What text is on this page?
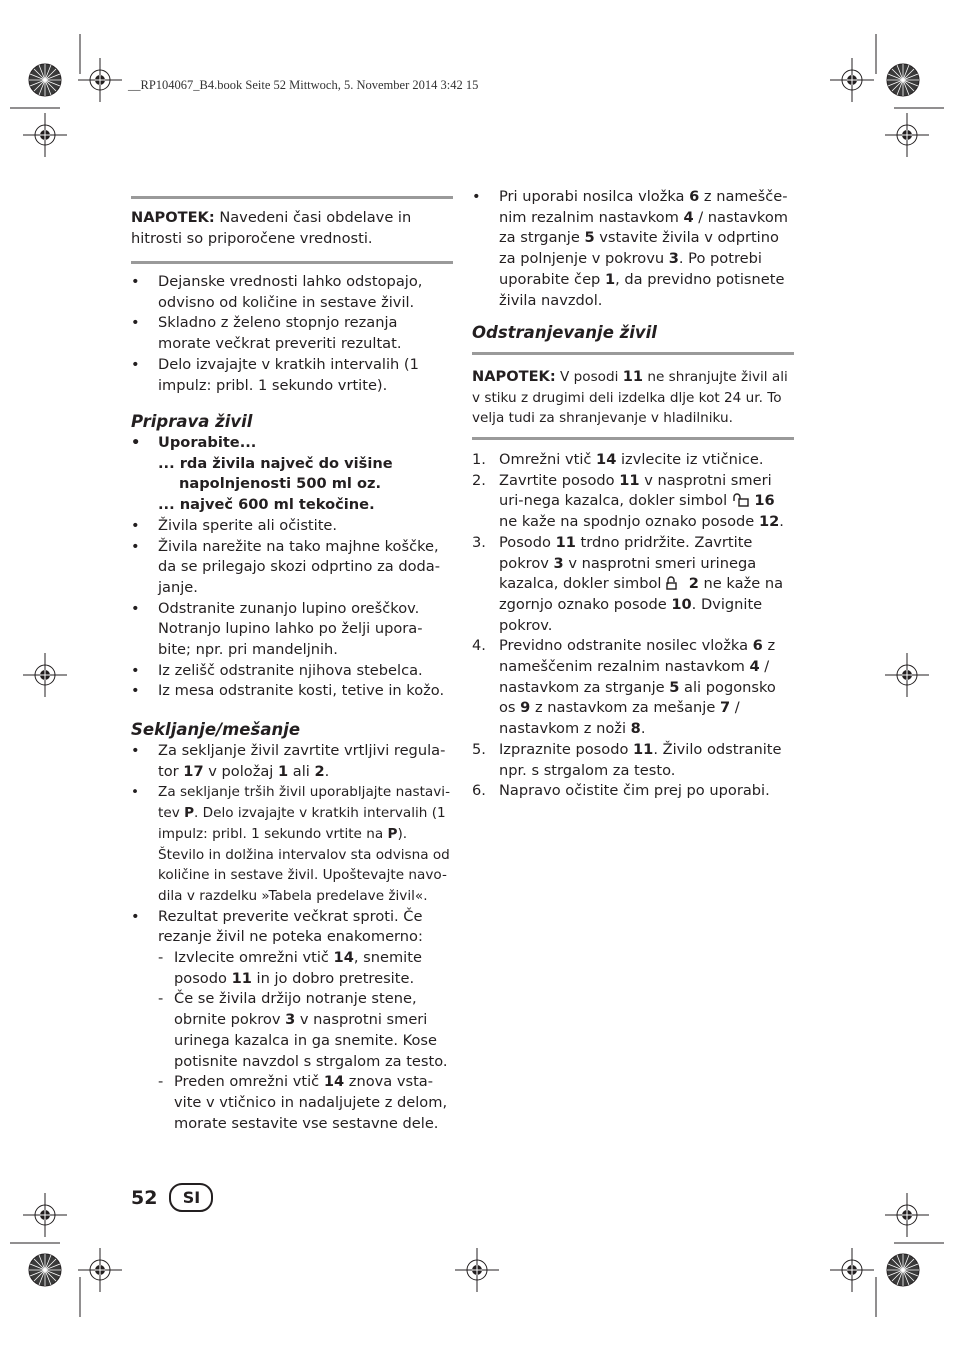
__RP104067_B4.book Seite 52 Mittwoch, 5. November 2014 3:42 15

NAPOTEK: Navedeni časi obdelave in hitrosti so priporočene vrednosti.

• Dejanske vrednosti lahko odstopajo, odvisno od količine in sestave živil.
• Skladno z želeno stopnjo rezanja morate večkrat preveriti rezultat.
• Delo izvajajte v kratkih intervalih (1 impulz: pribl. 1 sekundo vrtite).
Priprava živil
• Uporabite...
... rda živila največ do višine

napolnjenosti 500 ml oz.
... največ 600 ml tekočine.
• Živila sperite ali očistite.
• Živila narežite na tako majhne koščke, da se prilegajo skozi odprtino za doda-janje.
• Odstranite zunanjo lupino oreščkov. Notranjo lupino lahko po želji upora-bite; npr. pri mandeljnih.
• Iz zelišč odstranite njihova stebelca.
• Iz mesa odstranite kosti, tetive in kožo.
Sekljanje/mešanje
• Za sekljanje živil zavrtite vrtljivi regula-tor 17 v položaj 1 ali 2.
• Za sekljanje trših živil uporabljajte nastavi-tev P. Delo izvajajte v kratkih intervalih (1 impulz: pribl. 1 sekundo vrtite na P). Število in dolžina intervalov sta odvisna od količine in sestave živil. Upoštevajte navo-dila v razdelku »Tabela predelave živil«.
• Rezultat preverite večkrat sproti. Če rezanje živil ne poteka enakomerno:
- Izvlecite omrežni vtič 14, snemite posodo 11 in jo dobro pretresite.
- Če se živila držijo notranje stene, obrnite pokrov 3 v nasprotni smeri urinega kazalca in ga snemite. Kose potisnite navzdol s strgalom za testo.
- Preden omrežni vtič 14 znova vsta-vite v vtičnico in nadaljujete z delom, morate sestavite vse sestavne dele.
• Pri uporabi nosilca vložka 6 z namešče-nim rezalnim nastavkom 4 / nastavkom za strganje 5 vstavite živila v odprtino za polnjenje v pokrovu 3. Po potrebi uporabite čep 1, da previdno potisnete živila navzdol.
Odstranjevanje živil

NAPOTEK: V posodi 11 ne shranjujte živil ali v stiku z drugimi deli izdelka dlje kot 24 ur. To velja tudi za shranjevanje v hladilniku.

1. Omrežni vtič 14 izvlecite iz vtičnice.
2. Zavrtite posodo 11 v nasprotni smeri uri-nega kazalca, dokler simbol  16 ne kaže na spodnjo oznako posode 12.
3. Posodo 11 trdno pridržite. Zavrtite pokrov 3 v nasprotni smeri urinega kazalca, dokler simbol  2 ne kaže na zgornjo oznako posode 10. Dvignite pokrov.
4. Previdno odstranite nosilec vložka 6 z nameščenim rezalnim nastavkom 4 / nastavkom za strganje 5 ali pogonsko os 9 z nastavkom za mešanje 7 / nastavkom z noži 8.
5. Izpraznite posodo 11. Živilo odstranite npr. s strgalom za testo.
6. Napravo očistite čim prej po uporabi.
52	SI
